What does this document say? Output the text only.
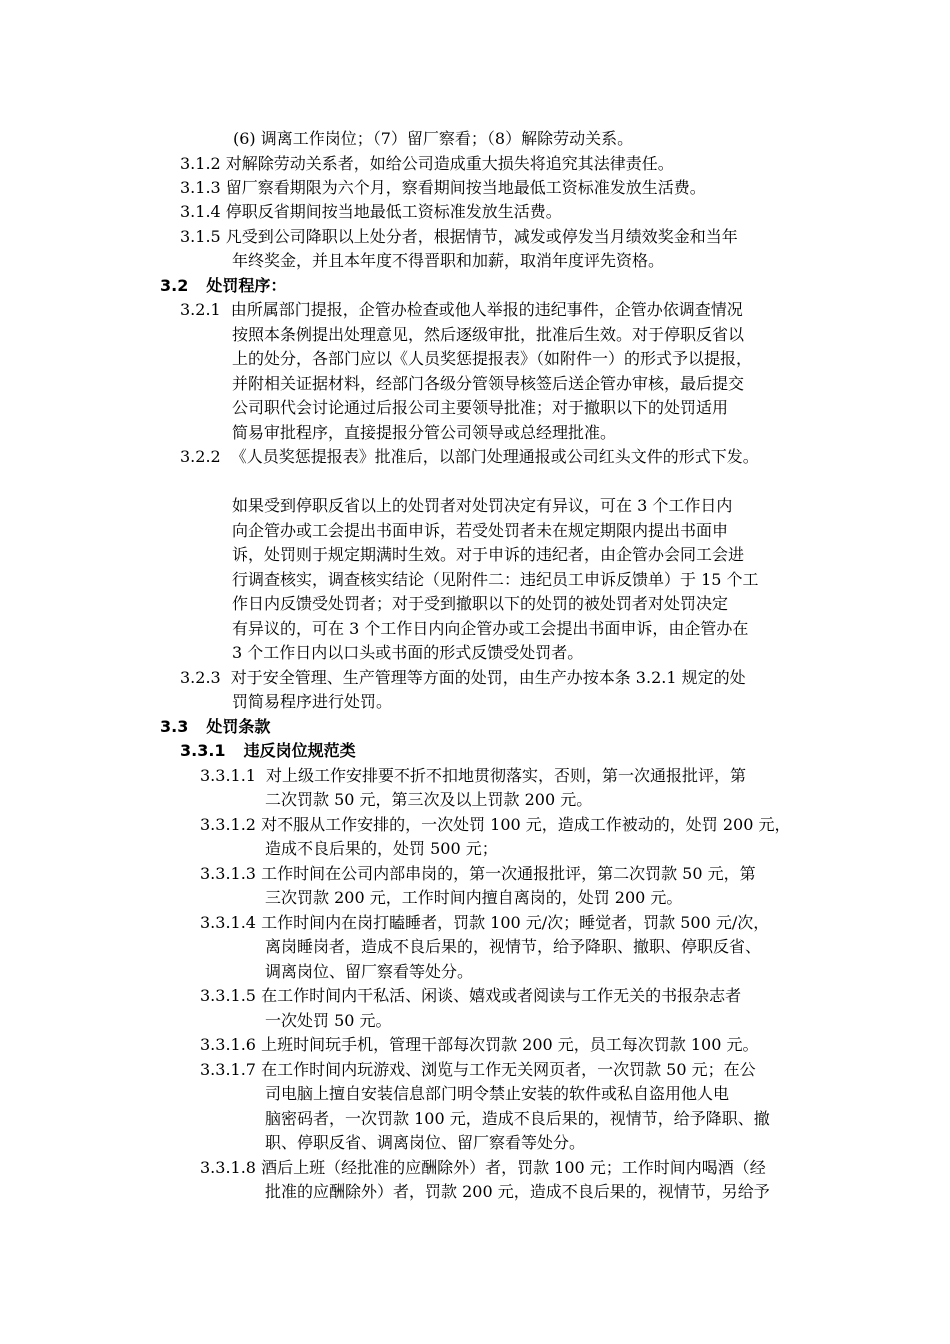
(6) 调离工作岗位；（7）留厂察看；（8）解除劳动关系。
3.1.2 对解除劳动关系者，如给公司造成重大损失将追究其法律责任。
3.1.3 留厂察看期限为六个月，察看期间按当地最低工资标准发放生活费。
3.1.4 停职反省期间按当地最低工资标准发放生活费。
3.1.5 凡受到公司降职以上处分者，根据情节，减发或停发当月绩效奖金和当年
年终奖金，并且本年度不得晋职和加薪，取消年度评先资格。
3.2 处罚程序：
3.2.1 由所属部门提报，企管办检查或他人举报的违纪事件，企管办依调查情况
按照本条例提出处理意见，然后逐级审批，批准后生效。对于停职反省以
上的处分，各部门应以《人员奖惩提报表》（如附件一）的形式予以提报，
并附相关证据材料，经部门各级分管领导核签后送企管办审核，最后提交
公司职代会讨论通过后报公司主要领导批准；对于撤职以下的处罚适用
简易审批程序，直接提报分管公司领导或总经理批准。
3.2.2 《人员奖惩提报表》批准后，以部门处理通报或公司红头文件的形式下发。
如果受到停职反省以上的处罚者对处罚决定有异议，可在 3 个工作日内
向企管办或工会提出书面申诉，若受处罚者未在规定期限内提出书面申
诉，处罚则于规定期满时生效。对于申诉的违纪者，由企管办会同工会进
行调查核实，调查核实结论（见附件二：违纪员工申诉反馈单）于 15 个工
作日内反馈受处罚者；对于受到撤职以下的处罚的被处罚者对处罚决定
有异议的，可在 3 个工作日内向企管办或工会提出书面申诉，由企管办在
3 个工作日内以口头或书面的形式反馈受处罚者。
3.2.3 对于安全管理、生产管理等方面的处罚，由生产办按本条 3.2.1 规定的处
罚简易程序进行处罚。
3.3 处罚条款
3.3.1 违反岗位规范类
3.3.1.1 对上级工作安排要不折不扣地贯彻落实，否则，第一次通报批评，第
二次罚款 50 元，第三次及以上罚款 200 元。
3.3.1.2 对不服从工作安排的，一次处罚 100 元，造成工作被动的，处罚 200 元，
造成不良后果的，处罚 500 元；
3.3.1.3 工作时间在公司内部串岗的，第一次通报批评，第二次罚款 50 元，第
三次罚款 200 元，工作时间内擅自离岗的，处罚 200 元。
3.3.1.4 工作时间内在岗打瞌睡者，罚款 100 元/次；睡觉者，罚款 500 元/次，
离岗睡岗者，造成不良后果的，视情节，给予降职、撤职、停职反省、
调离岗位、留厂察看等处分。
3.3.1.5 在工作时间内干私活、闲谈、嬉戏或者阅读与工作无关的书报杂志者
一次处罚 50 元。
3.3.1.6 上班时间玩手机，管理干部每次罚款 200 元，员工每次罚款 100 元。
3.3.1.7 在工作时间内玩游戏、浏览与工作无关网页者，一次罚款 50 元；在公
司电脑上擅自安装信息部门明令禁止安装的软件或私自盗用他人电
脑密码者，一次罚款 100 元，造成不良后果的，视情节，给予降职、撤
职、停职反省、调离岗位、留厂察看等处分。
3.3.1.8 酒后上班（经批准的应酬除外）者，罚款 100 元；工作时间内喝酒（经
批准的应酬除外）者，罚款 200 元，造成不良后果的，视情节，另给予
